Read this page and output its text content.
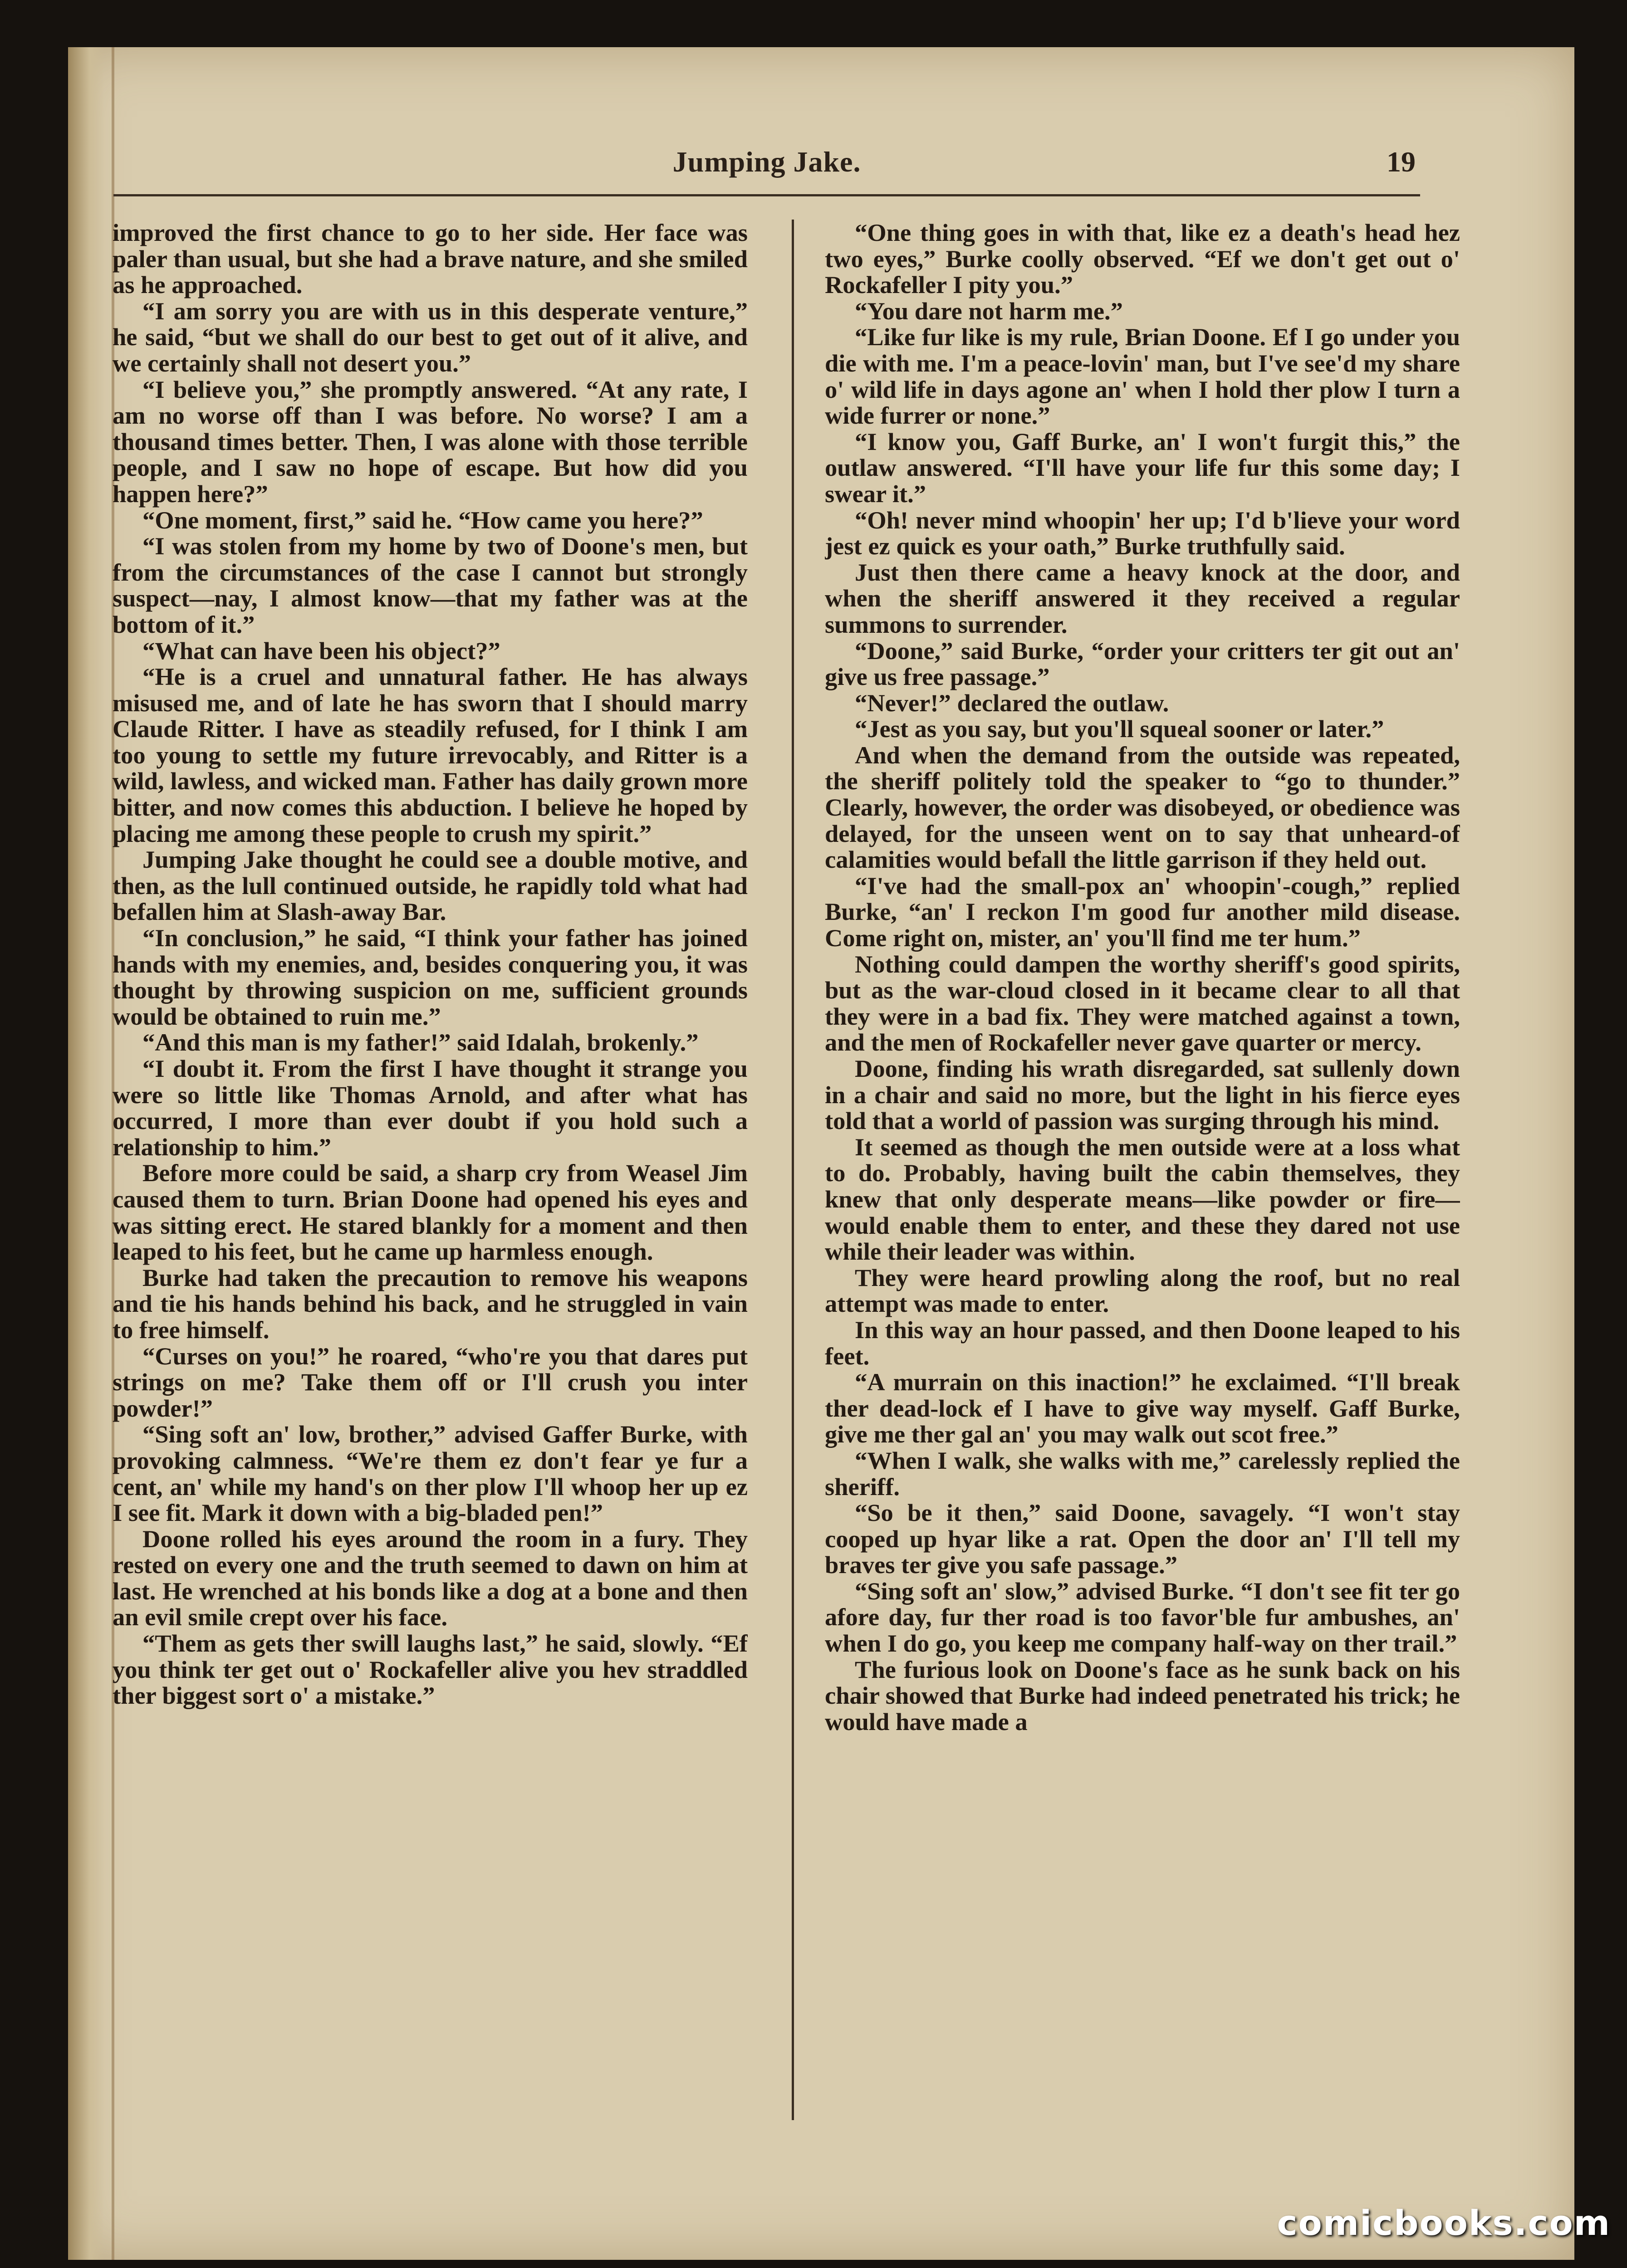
Jumping Jake.	19

improved the first chance to go to her side. Her face was paler than usual, but she had a brave nature, and she smiled as he approached.

“I am sorry you are with us in this desperate venture,” he said, “but we shall do our best to get out of it alive, and we certainly shall not desert you.”

“I believe you,” she promptly answered. “At any rate, I am no worse off than I was before. No worse? I am a thousand times better. Then, I was alone with those terrible people, and I saw no hope of escape. But how did you happen here?”

“One moment, first,” said he. “How came you here?”

“I was stolen from my home by two of Doone's men, but from the circumstances of the case I cannot but strongly suspect—nay, I almost know—that my father was at the bottom of it.”

“What can have been his object?”

“He is a cruel and unnatural father. He has always misused me, and of late he has sworn that I should marry Claude Ritter. I have as steadily refused, for I think I am too young to settle my future irrevocably, and Ritter is a wild, lawless, and wicked man. Father has daily grown more bitter, and now comes this abduction. I believe he hoped by placing me among these people to crush my spirit.”

Jumping Jake thought he could see a double motive, and then, as the lull continued outside, he rapidly told what had befallen him at Slash-away Bar.

“In conclusion,” he said, “I think your father has joined hands with my enemies, and, besides conquering you, it was thought by throwing suspicion on me, sufficient grounds would be obtained to ruin me.”

“And this man is my father!” said Idalah, brokenly.”

“I doubt it. From the first I have thought it strange you were so little like Thomas Arnold, and after what has occurred, I more than ever doubt if you hold such a relationship to him.”

Before more could be said, a sharp cry from Weasel Jim caused them to turn. Brian Doone had opened his eyes and was sitting erect. He stared blankly for a moment and then leaped to his feet, but he came up harmless enough.

Burke had taken the precaution to remove his weapons and tie his hands behind his back, and he struggled in vain to free himself.

“Curses on you!” he roared, “who're you that dares put strings on me? Take them off or I'll crush you inter powder!”

“Sing soft an' low, brother,” advised Gaffer Burke, with provoking calmness. “We're them ez don't fear ye fur a cent, an' while my hand's on ther plow I'll whoop her up ez I see fit. Mark it down with a big-bladed pen!”

Doone rolled his eyes around the room in a fury. They rested on every one and the truth seemed to dawn on him at last. He wrenched at his bonds like a dog at a bone and then an evil smile crept over his face.

“Them as gets ther swill laughs last,” he said, slowly. “Ef you think ter get out o' Rockafeller alive you hev straddled ther biggest sort o' a mistake.”

“One thing goes in with that, like ez a death's head hez two eyes,” Burke coolly observed. “Ef we don't get out o' Rockafeller I pity you.”

“You dare not harm me.”

“Like fur like is my rule, Brian Doone. Ef I go under you die with me. I'm a peace-lovin' man, but I've see'd my share o' wild life in days agone an' when I hold ther plow I turn a wide furrer or none.”

“I know you, Gaff Burke, an' I won't furgit this,” the outlaw answered. “I'll have your life fur this some day; I swear it.”

“Oh! never mind whoopin' her up; I'd b'lieve your word jest ez quick es your oath,” Burke truthfully said.

Just then there came a heavy knock at the door, and when the sheriff answered it they received a regular summons to surrender.

“Doone,” said Burke, “order your critters ter git out an' give us free passage.”

“Never!” declared the outlaw.

“Jest as you say, but you'll squeal sooner or later.”

And when the demand from the outside was repeated, the sheriff politely told the speaker to “go to thunder.” Clearly, however, the order was disobeyed, or obedience was delayed, for the unseen went on to say that unheard-of calamities would befall the little garrison if they held out.

“I've had the small-pox an' whoopin'-cough,” replied Burke, “an' I reckon I'm good fur another mild disease. Come right on, mister, an' you'll find me ter hum.”

Nothing could dampen the worthy sheriff's good spirits, but as the war-cloud closed in it became clear to all that they were in a bad fix. They were matched against a town, and the men of Rockafeller never gave quarter or mercy.

Doone, finding his wrath disregarded, sat sullenly down in a chair and said no more, but the light in his fierce eyes told that a world of passion was surging through his mind.

It seemed as though the men outside were at a loss what to do. Probably, having built the cabin themselves, they knew that only desperate means—like powder or fire—would enable them to enter, and these they dared not use while their leader was within.

They were heard prowling along the roof, but no real attempt was made to enter.

In this way an hour passed, and then Doone leaped to his feet.

“A murrain on this inaction!” he exclaimed. “I'll break ther dead-lock ef I have to give way myself. Gaff Burke, give me ther gal an' you may walk out scot free.”

“When I walk, she walks with me,” carelessly replied the sheriff.

“So be it then,” said Doone, savagely. “I won't stay cooped up hyar like a rat. Open the door an' I'll tell my braves ter give you safe passage.”

“Sing soft an' slow,” advised Burke. “I don't see fit ter go afore day, fur ther road is too favor'ble fur ambushes, an' when I do go, you keep me company half-way on ther trail.”

The furious look on Doone's face as he sunk back on his chair showed that Burke had indeed penetrated his trick; he would have made a

comicbooks.com
